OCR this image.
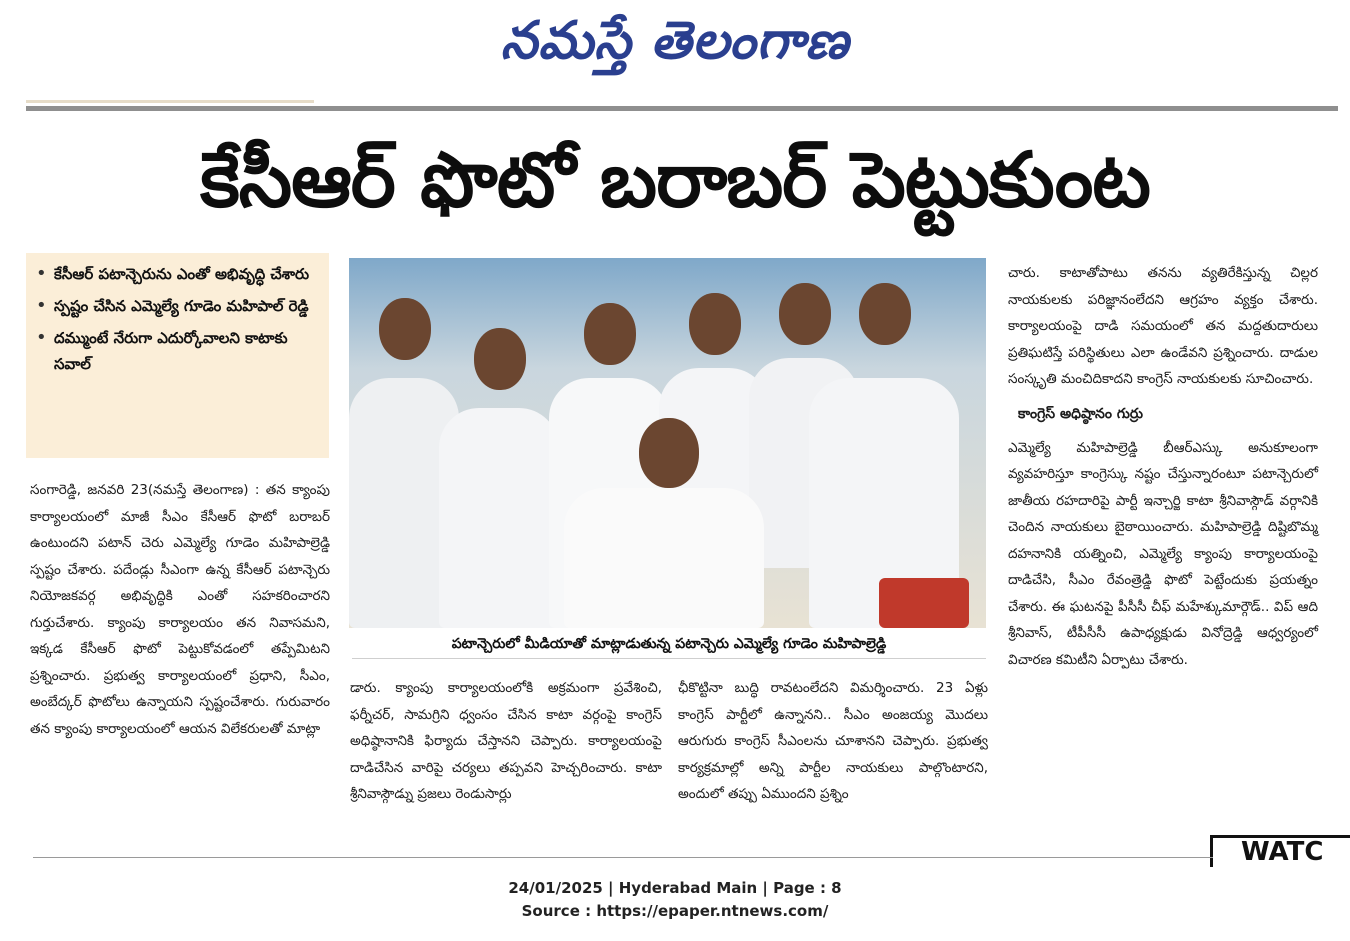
నమస్తే తెలంగాణ
కేసీఆర్ ఫొటో బరాబర్ పెట్టుకుంట
• కేసీఆర్ పటాన్చెరును ఎంతో అభివృద్ధి చేశారు
• స్పష్టం చేసిన ఎమ్మెల్యే గూడెం మహిపాల్ రెడ్డి
• దమ్ముంటే నేరుగా ఎదుర్కోవాలని కాటాకు సవాల్

సంగారెడ్డి, జనవరి 23(నమస్తే తెలంగాణ) : తన క్యాంపు కార్యాలయంలో మాజీ సీఎం కేసీఆర్ ఫొటో బరాబర్ ఉంటుందని పటాన్ చెరు ఎమ్మెల్యే గూడెం మహిపాల్రెడ్డి స్పష్టం చేశారు. పదేండ్లు సీఎంగా ఉన్న కేసీఆర్ పటాన్చెరు నియోజకవర్గ అభివృద్ధికి ఎంతో సహకరించారని గుర్తుచేశారు. క్యాంపు కార్యాలయం తన నివాసమని, ఇక్కడ కేసీఆర్ ఫొటో పెట్టుకోవడంలో తప్పేమిటని ప్రశ్నించారు. ప్రభుత్వ కార్యాలయంలో ప్రధాని, సీఎం, అంబేద్కర్ ఫొటోలు ఉన్నాయని స్పష్టంచేశారు. గురువారం తన క్యాంపు కార్యాలయంలో ఆయన విలేకరులతో మాట్లా

పటాన్చెరులో మీడియాతో మాట్లాడుతున్న పటాన్చెరు ఎమ్మెల్యే గూడెం మహిపాల్రెడ్డి

డారు. క్యాంపు కార్యాలయంలోకి అక్రమంగా ప్రవేశించి, ఫర్నీచర్, సామగ్రిని ధ్వంసం చేసిన కాటా వర్గంపై కాంగ్రెస్ అధిష్ఠానానికి ఫిర్యాదు చేస్తానని చెప్పారు. కార్యాలయంపై దాడిచేసిన వారిపై చర్యలు తప్పవని హెచ్చరించారు. కాటా శ్రీనివాస్గౌడ్ను ప్రజలు రెండుసార్లు

ఛీకొట్టినా బుద్ధి రావటంలేదని విమర్శించారు. 23 ఏళ్లు కాంగ్రెస్ పార్టీలో ఉన్నానని.. సీఎం అంజయ్య మొదలు ఆరుగురు కాంగ్రెస్ సీఎంలను చూశానని చెప్పారు. ప్రభుత్వ కార్యక్రమాల్లో అన్ని పార్టీల నాయకులు పాల్గొంటారని, అందులో తప్పు ఏముందని ప్రశ్నిం

చారు. కాటాతోపాటు తనను వ్యతిరేకిస్తున్న చిల్లర నాయకులకు పరిజ్ఞానంలేదని ఆగ్రహం వ్యక్తం చేశారు. కార్యాలయంపై దాడి సమయంలో తన మద్దతుదారులు ప్రతిఘటిస్తే పరిస్థితులు ఎలా ఉండేవని ప్రశ్నించారు. దాడుల సంస్కృతి మంచిదికాదని కాంగ్రెస్ నాయకులకు సూచించారు.

కాంగ్రెస్ అధిష్ఠానం గుర్రు

ఎమ్మెల్యే మహిపాల్రెడ్డి బీఆర్ఎస్కు అనుకూలంగా వ్యవహరిస్తూ కాంగ్రెస్కు నష్టం చేస్తున్నారంటూ పటాన్చెరులో జాతీయ రహదారిపై పార్టీ ఇన్చార్జి కాటా శ్రీనివాస్గౌడ్ వర్గానికి చెందిన నాయకులు బైఠాయించారు. మహిపాల్రెడ్డి దిష్టిబొమ్మ దహనానికి యత్నించి, ఎమ్మెల్యే క్యాంపు కార్యాలయంపై దాడిచేసి, సీఎం రేవంత్రెడ్డి ఫొటో పెట్టేందుకు ప్రయత్నం చేశారు. ఈ ఘటనపై పీసీసీ చీఫ్ మహేశ్కుమార్గౌడ్.. విప్ ఆది శ్రీనివాస్, టీపీసీసీ ఉపాధ్యక్షుడు వినోద్రెడ్డి ఆధ్వర్యంలో విచారణ కమిటీని ఏర్పాటు చేశారు.

WATC
24/01/2025 | Hyderabad Main | Page : 8
Source : https://epaper.ntnews.com/
